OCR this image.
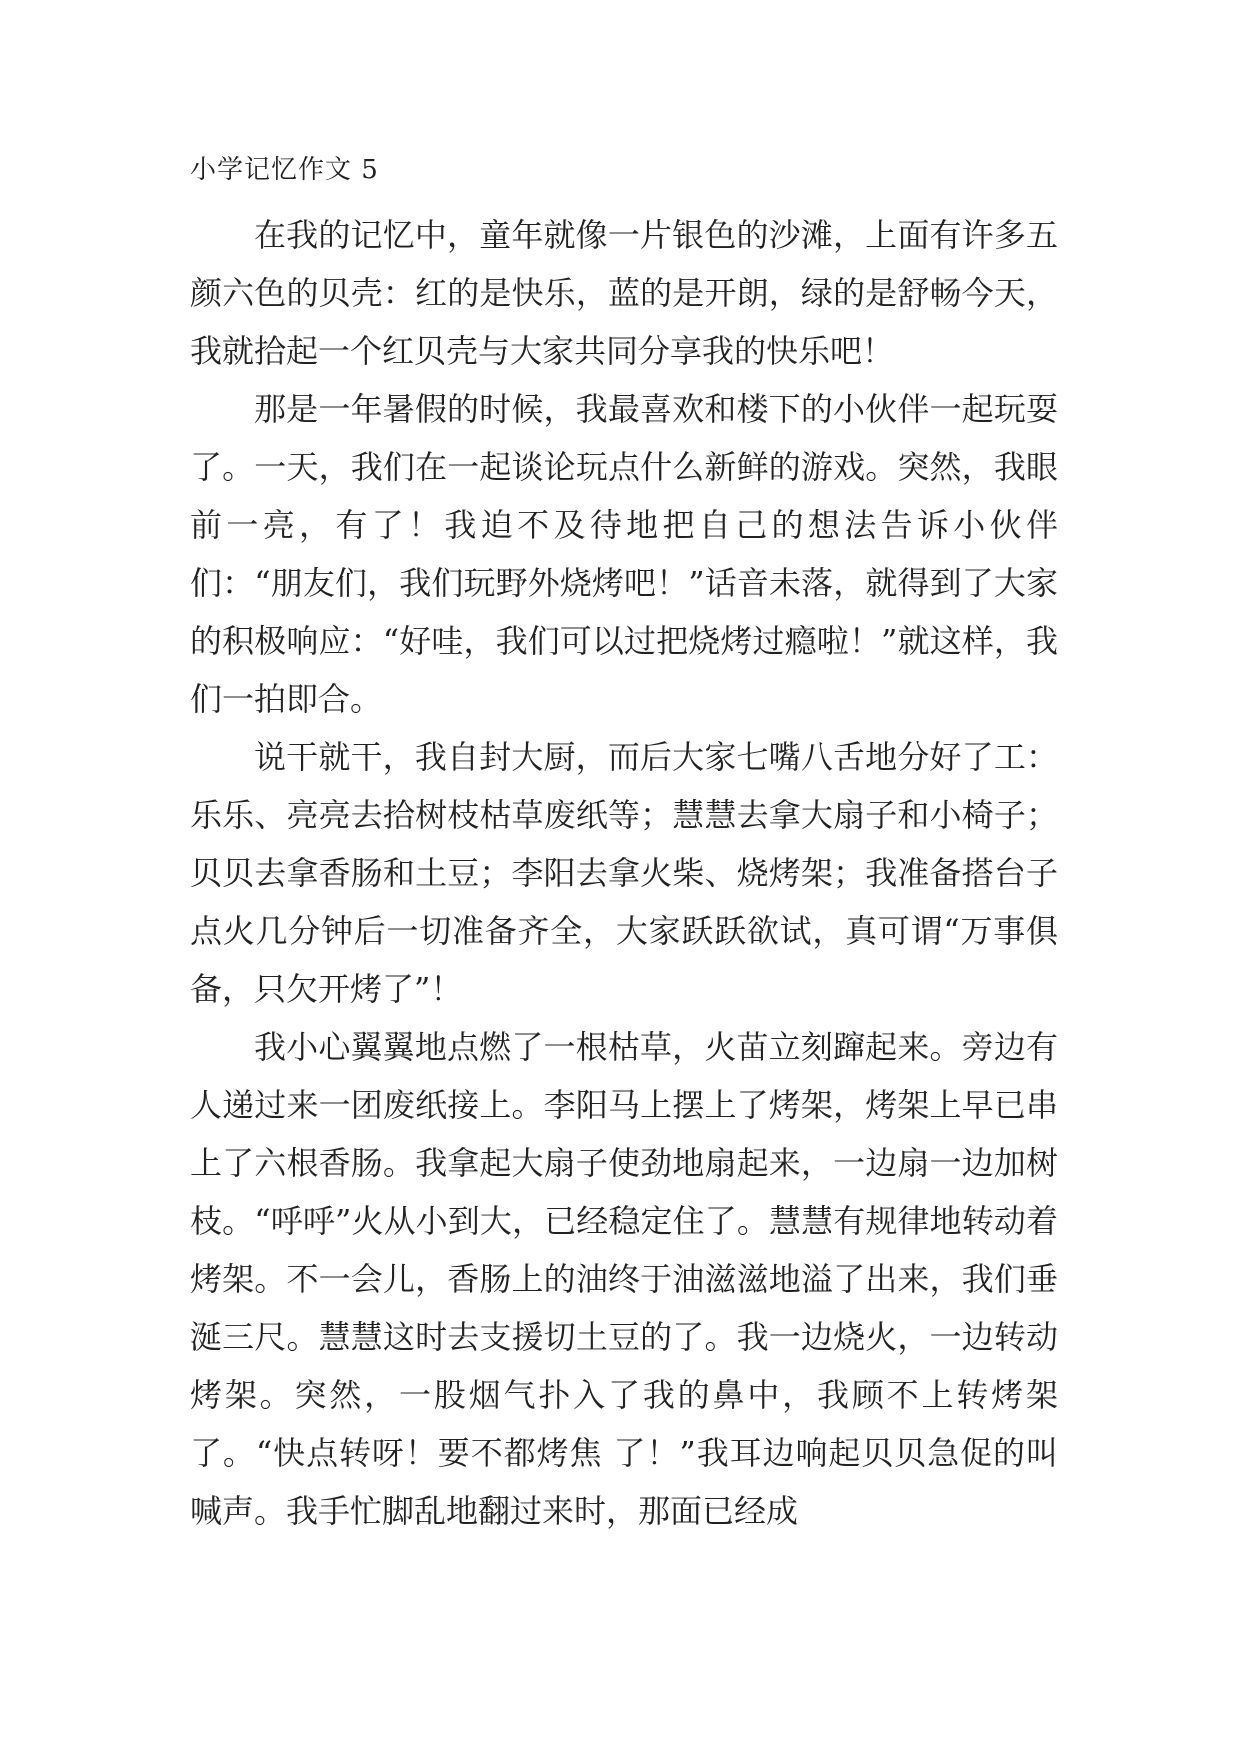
小学记忆作文 5

在我的记忆中，童年就像一片银色的沙滩，上面有许多五颜六色的贝壳：红的是快乐，蓝的是开朗，绿的是舒畅今天，我就拾起一个红贝壳与大家共同分享我的快乐吧！

那是一年暑假的时候，我最喜欢和楼下的小伙伴一起玩耍了。一天，我们在一起谈论玩点什么新鲜的游戏。突然，我眼前一亮，有了！我迫不及待地把自己的想法告诉小伙伴们：“朋友们，我们玩野外烧烤吧！”话音未落，就得到了大家的积极响应：“好哇，我们可以过把烧烤过瘾啦！”就这样，我们一拍即合。

说干就干，我自封大厨，而后大家七嘴八舌地分好了工：乐乐、亮亮去拾树枝枯草废纸等；慧慧去拿大扇子和小椅子；贝贝去拿香肠和土豆；李阳去拿火柴、烧烤架；我准备搭台子点火几分钟后一切准备齐全，大家跃跃欲试，真可谓“万事俱备，只欠开烤了”！

我小心翼翼地点燃了一根枯草，火苗立刻蹿起来。旁边有人递过来一团废纸接上。李阳马上摆上了烤架，烤架上早已串上了六根香肠。我拿起大扇子使劲地扇起来，一边扇一边加树枝。“呼呼”火从小到大，已经稳定住了。慧慧有规律地转动着烤架。不一会儿，香肠上的油终于油滋滋地溢了出来，我们垂涎三尺。慧慧这时去支援切土豆的了。我一边烧火，一边转动烤架。突然，一股烟气扑入了我的鼻中，我顾不上转烤架了。“快点转呀！要不都烤焦 了！”我耳边响起贝贝急促的叫喊声。我手忙脚乱地翻过来时，那面已经成
